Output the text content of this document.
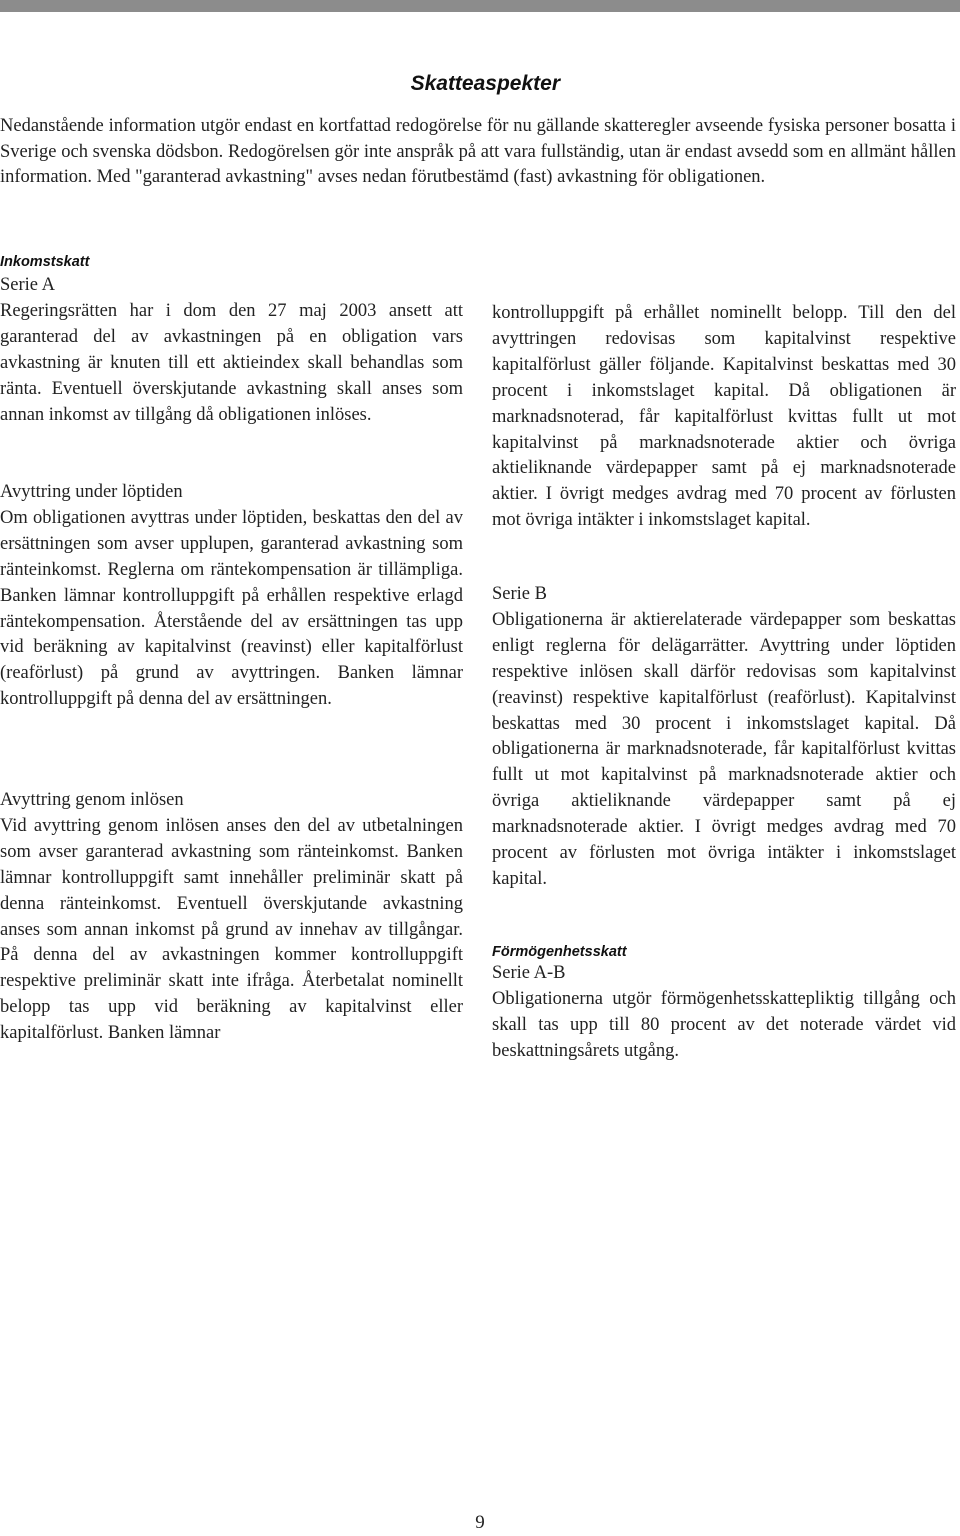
Skatteaspekter

Nedanstående information utgör endast en kortfattad redogörelse för nu gällande skatteregler avseende fysiska personer bosatta i Sverige och svenska dödsbon. Redogörelsen gör inte anspråk på att vara fullständig, utan är endast avsedd som en allmänt hållen information. Med "garanterad avkastning" avses nedan förutbestämd (fast) avkastning för obligationen.

Inkomstskatt
Serie A
Regeringsrätten har i dom den 27 maj 2003 ansett att garanterad del av avkastningen på en obligation vars avkastning är knuten till ett aktieindex skall behandlas som ränta. Eventuell överskjutande avkastning skall anses som annan inkomst av tillgång då obligationen inlöses.
Avyttring under löptiden
Om obligationen avyttras under löptiden, beskattas den del av ersättningen som avser upplupen, garanterad avkastning som ränteinkomst. Reglerna om räntekompensation är tillämpliga. Banken lämnar kontrolluppgift på erhållen respektive erlagd räntekompensation. Återstående del av ersättningen tas upp vid beräkning av kapitalvinst (reavinst) eller kapitalförlust (reaförlust) på grund av avyttringen. Banken lämnar kontrolluppgift på denna del av ersättningen.
Avyttring genom inlösen
Vid avyttring genom inlösen anses den del av utbetalningen som avser garanterad avkastning som ränteinkomst. Banken lämnar kontrolluppgift samt innehåller preliminär skatt på denna ränteinkomst. Eventuell överskjutande avkastning anses som annan inkomst på grund av innehav av tillgångar. På denna del av avkastningen kommer kontrolluppgift respektive preliminär skatt inte ifråga. Återbetalat nominellt belopp tas upp vid beräkning av kapitalvinst eller kapitalförlust. Banken lämnar
kontrolluppgift på erhållet nominellt belopp. Till den del avyttringen redovisas som kapitalvinst respektive kapitalförlust gäller följande. Kapitalvinst beskattas med 30 procent i inkomstslaget kapital. Då obligationen är marknadsnoterad, får kapitalförlust kvittas fullt ut mot kapitalvinst på marknadsnoterade aktier och övriga aktieliknande värdepapper samt på ej marknadsnoterade aktier. I övrigt medges avdrag med 70 procent av förlusten mot övriga intäkter i inkomstslaget kapital.
Serie B
Obligationerna är aktierelaterade värdepapper som beskattas enligt reglerna för delägarrätter. Avyttring under löptiden respektive inlösen skall därför redovisas som kapitalvinst (reavinst) respektive kapitalförlust (reaförlust). Kapitalvinst beskattas med 30 procent i inkomstslaget kapital. Då obligationerna är marknadsnoterade, får kapitalförlust kvittas fullt ut mot kapitalvinst på marknadsnoterade aktier och övriga aktieliknande värdepapper samt på ej marknadsnoterade aktier. I övrigt medges avdrag med 70 procent av förlusten mot övriga intäkter i inkomstslaget kapital.
Förmögenhetsskatt
Serie A-B
Obligationerna utgör förmögenhetsskattepliktig tillgång och skall tas upp till 80 procent av det noterade värdet vid beskattningsårets utgång.
9
